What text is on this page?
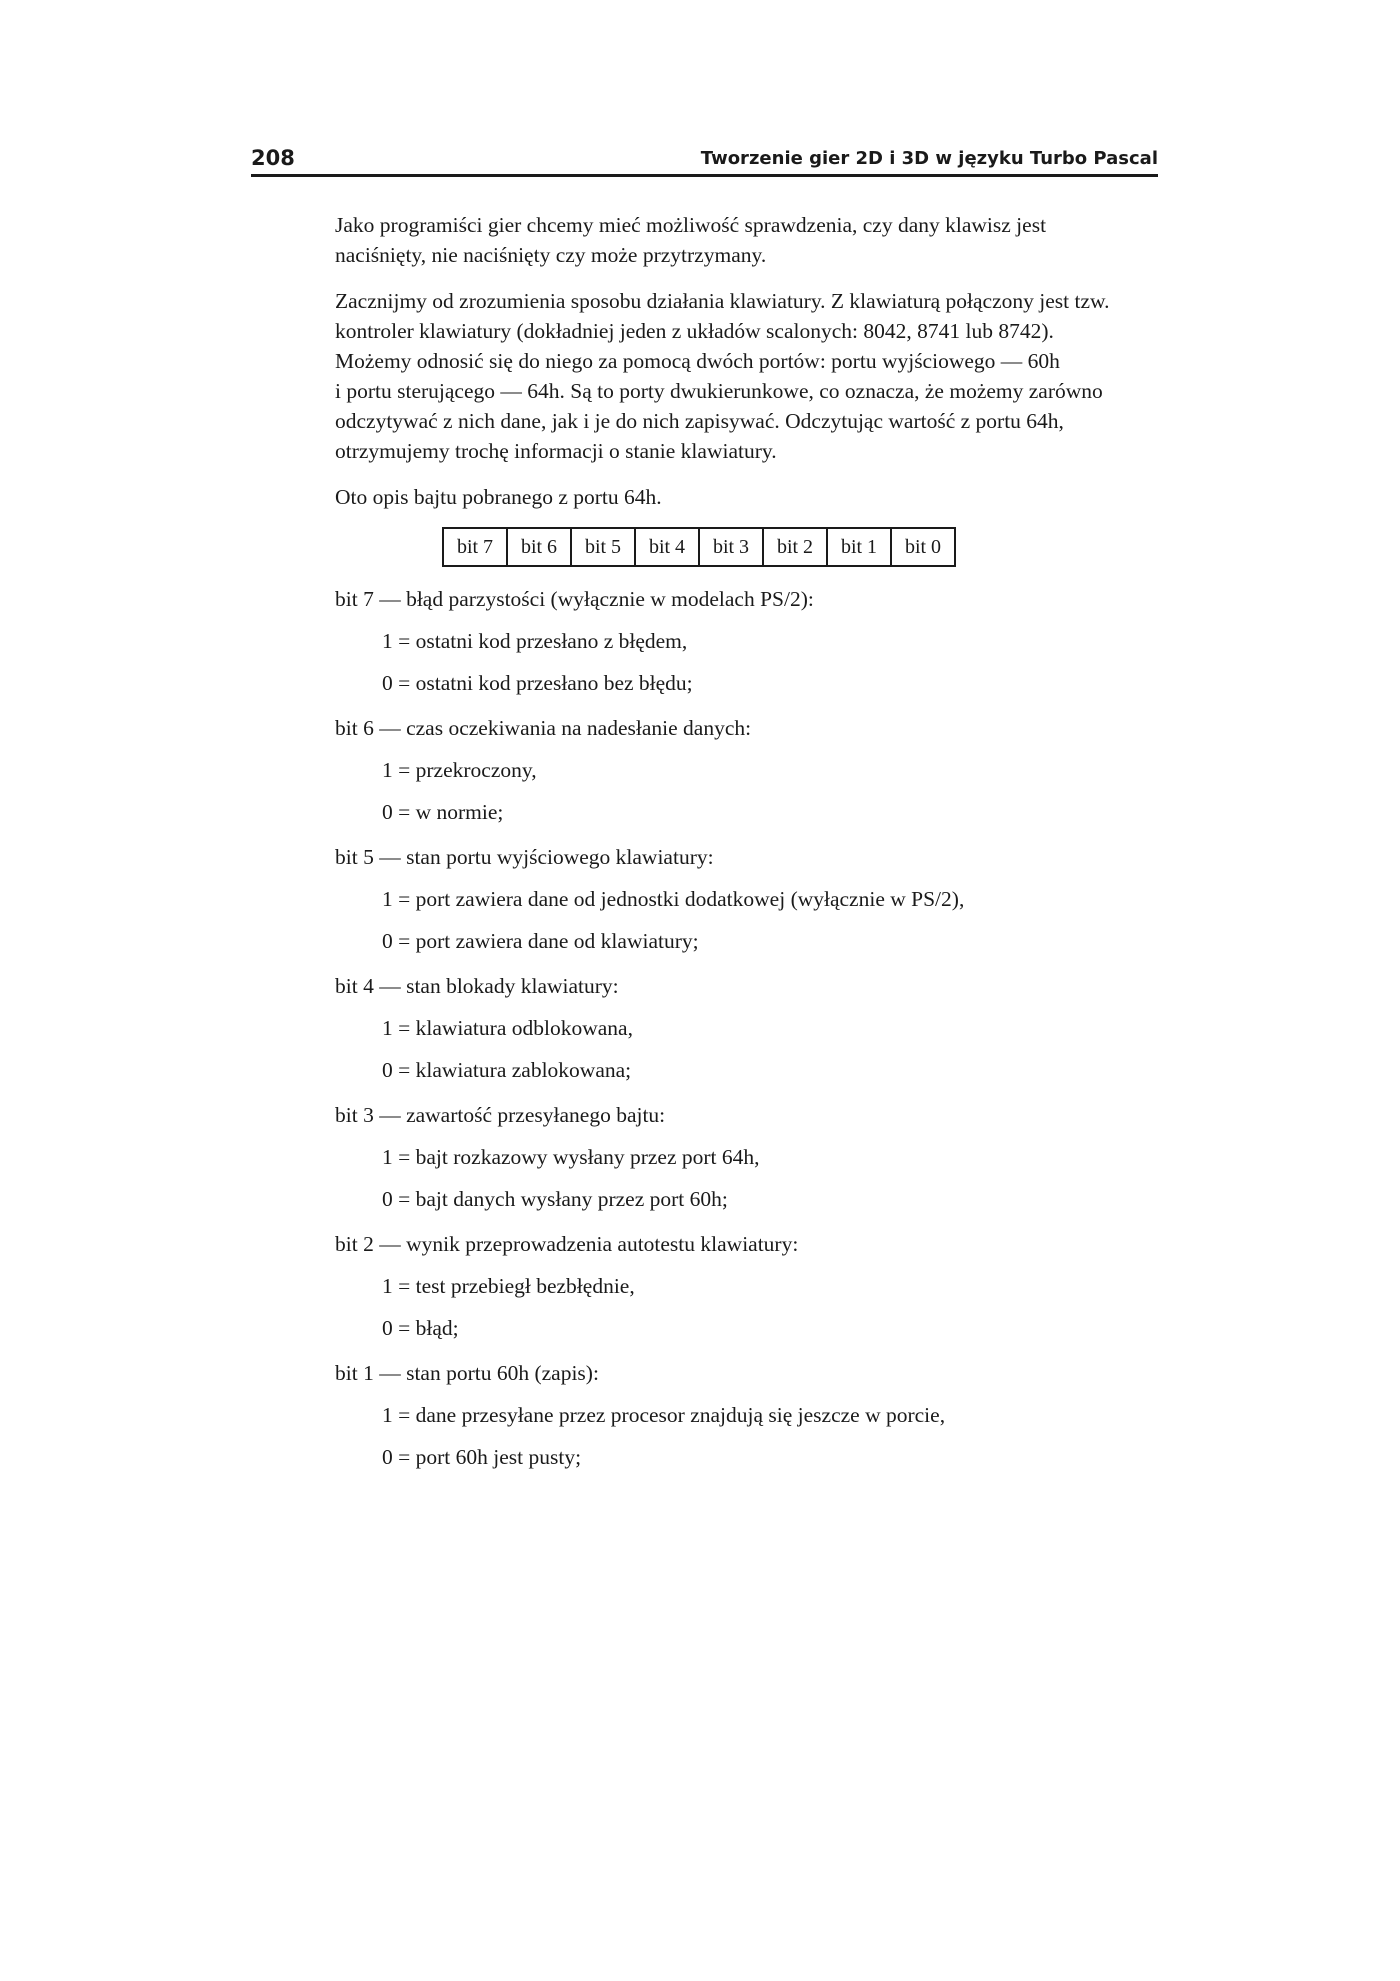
208	Tworzenie gier 2D i 3D w języku Turbo Pascal

Jako programiści gier chcemy mieć możliwość sprawdzenia, czy dany klawisz jest
naciśnięty, nie naciśnięty czy może przytrzymany.

Zacznijmy od zrozumienia sposobu działania klawiatury. Z klawiaturą połączony jest tzw.
kontroler klawiatury (dokładniej jeden z układów scalonych: 8042, 8741 lub 8742).
Możemy odnosić się do niego za pomocą dwóch portów: portu wyjściowego — 60h
i portu sterującego — 64h. Są to porty dwukierunkowe, co oznacza, że możemy zarówno
odczytywać z nich dane, jak i je do nich zapisywać. Odczytując wartość z portu 64h,
otrzymujemy trochę informacji o stanie klawiatury.

Oto opis bajtu pobranego z portu 64h.

bit 7	bit 6	bit 5	bit 4	bit 3	bit 2	bit 1	bit 0

bit 7 — błąd parzystości (wyłącznie w modelach PS/2):

1 = ostatni kod przesłano z błędem,

0 = ostatni kod przesłano bez błędu;

bit 6 — czas oczekiwania na nadesłanie danych:

1 = przekroczony,

0 = w normie;

bit 5 — stan portu wyjściowego klawiatury:

1 = port zawiera dane od jednostki dodatkowej (wyłącznie w PS/2),

0 = port zawiera dane od klawiatury;

bit 4 — stan blokady klawiatury:

1 = klawiatura odblokowana,

0 = klawiatura zablokowana;

bit 3 — zawartość przesyłanego bajtu:

1 = bajt rozkazowy wysłany przez port 64h,

0 = bajt danych wysłany przez port 60h;

bit 2 — wynik przeprowadzenia autotestu klawiatury:

1 = test przebiegł bezbłędnie,

0 = błąd;

bit 1 — stan portu 60h (zapis):

1 = dane przesyłane przez procesor znajdują się jeszcze w porcie,

0 = port 60h jest pusty;
